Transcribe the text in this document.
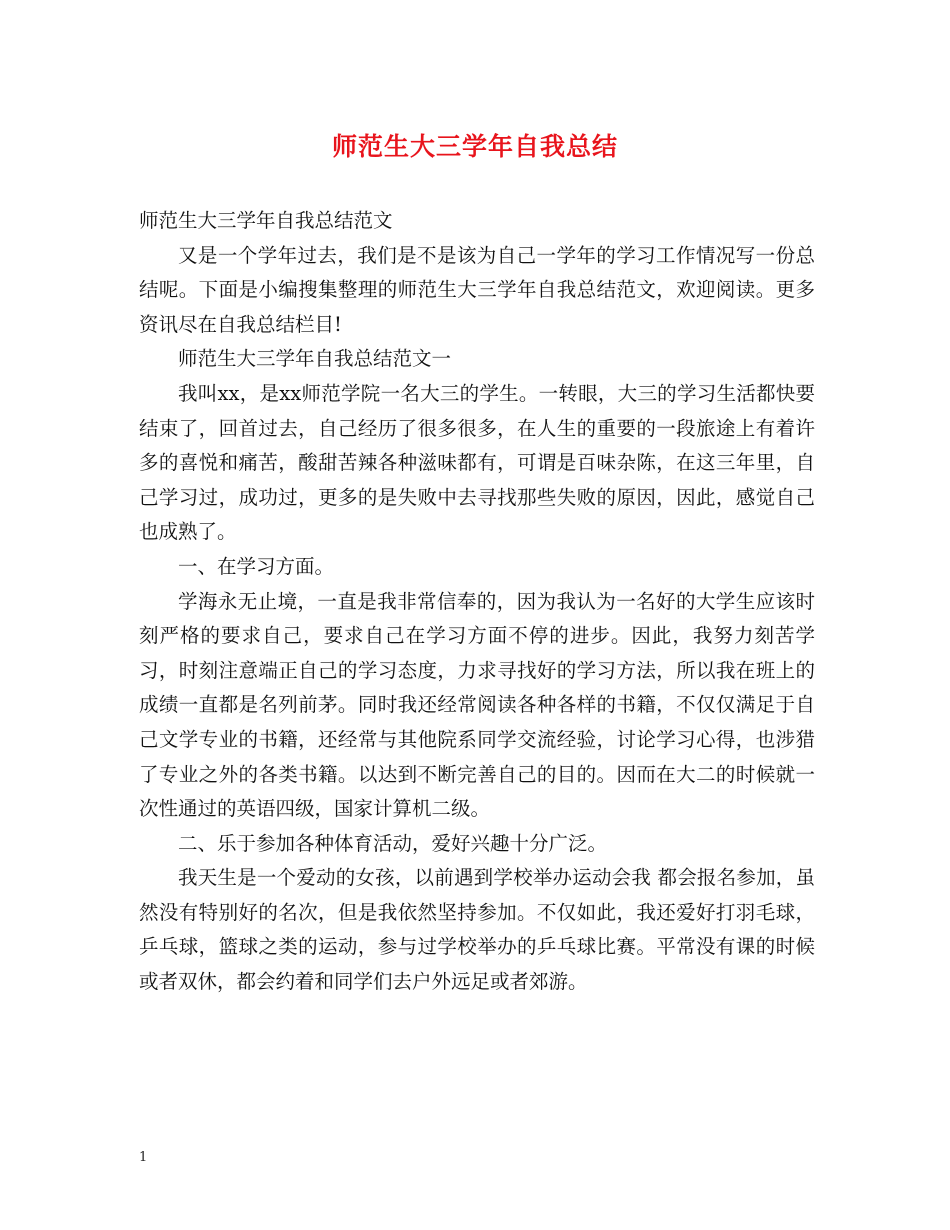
师范生大三学年自我总结

师范生大三学年自我总结范文

又是一个学年过去，我们是不是该为自己一学年的学习工作情况写一份总结呢。下面是小编搜集整理的师范生大三学年自我总结范文，欢迎阅读。更多资讯尽在自我总结栏目!

师范生大三学年自我总结范文一

我叫xx，是xx师范学院一名大三的学生。一转眼，大三的学习生活都快要结束了，回首过去，自己经历了很多很多，在人生的重要的一段旅途上有着许多的喜悦和痛苦，酸甜苦辣各种滋味都有，可谓是百味杂陈，在这三年里，自己学习过，成功过，更多的是失败中去寻找那些失败的原因，因此，感觉自己也成熟了。

一、在学习方面。

学海永无止境，一直是我非常信奉的，因为我认为一名好的大学生应该时刻严格的要求自己，要求自己在学习方面不停的进步。因此，我努力刻苦学习，时刻注意端正自己的学习态度，力求寻找好的学习方法，所以我在班上的成绩一直都是名列前茅。同时我还经常阅读各种各样的书籍，不仅仅满足于自己文学专业的书籍，还经常与其他院系同学交流经验，讨论学习心得，也涉猎了专业之外的各类书籍。以达到不断完善自己的目的。因而在大二的时候就一次性通过的英语四级，国家计算机二级。

二、乐于参加各种体育活动，爱好兴趣十分广泛。

我天生是一个爱动的女孩，以前遇到学校举办运动会我 都会报名参加，虽然没有特别好的名次，但是我依然坚持参加。不仅如此，我还爱好打羽毛球，乒乓球，篮球之类的运动，参与过学校举办的乒乓球比赛。平常没有课的时候或者双休，都会约着和同学们去户外远足或者郊游。

1
